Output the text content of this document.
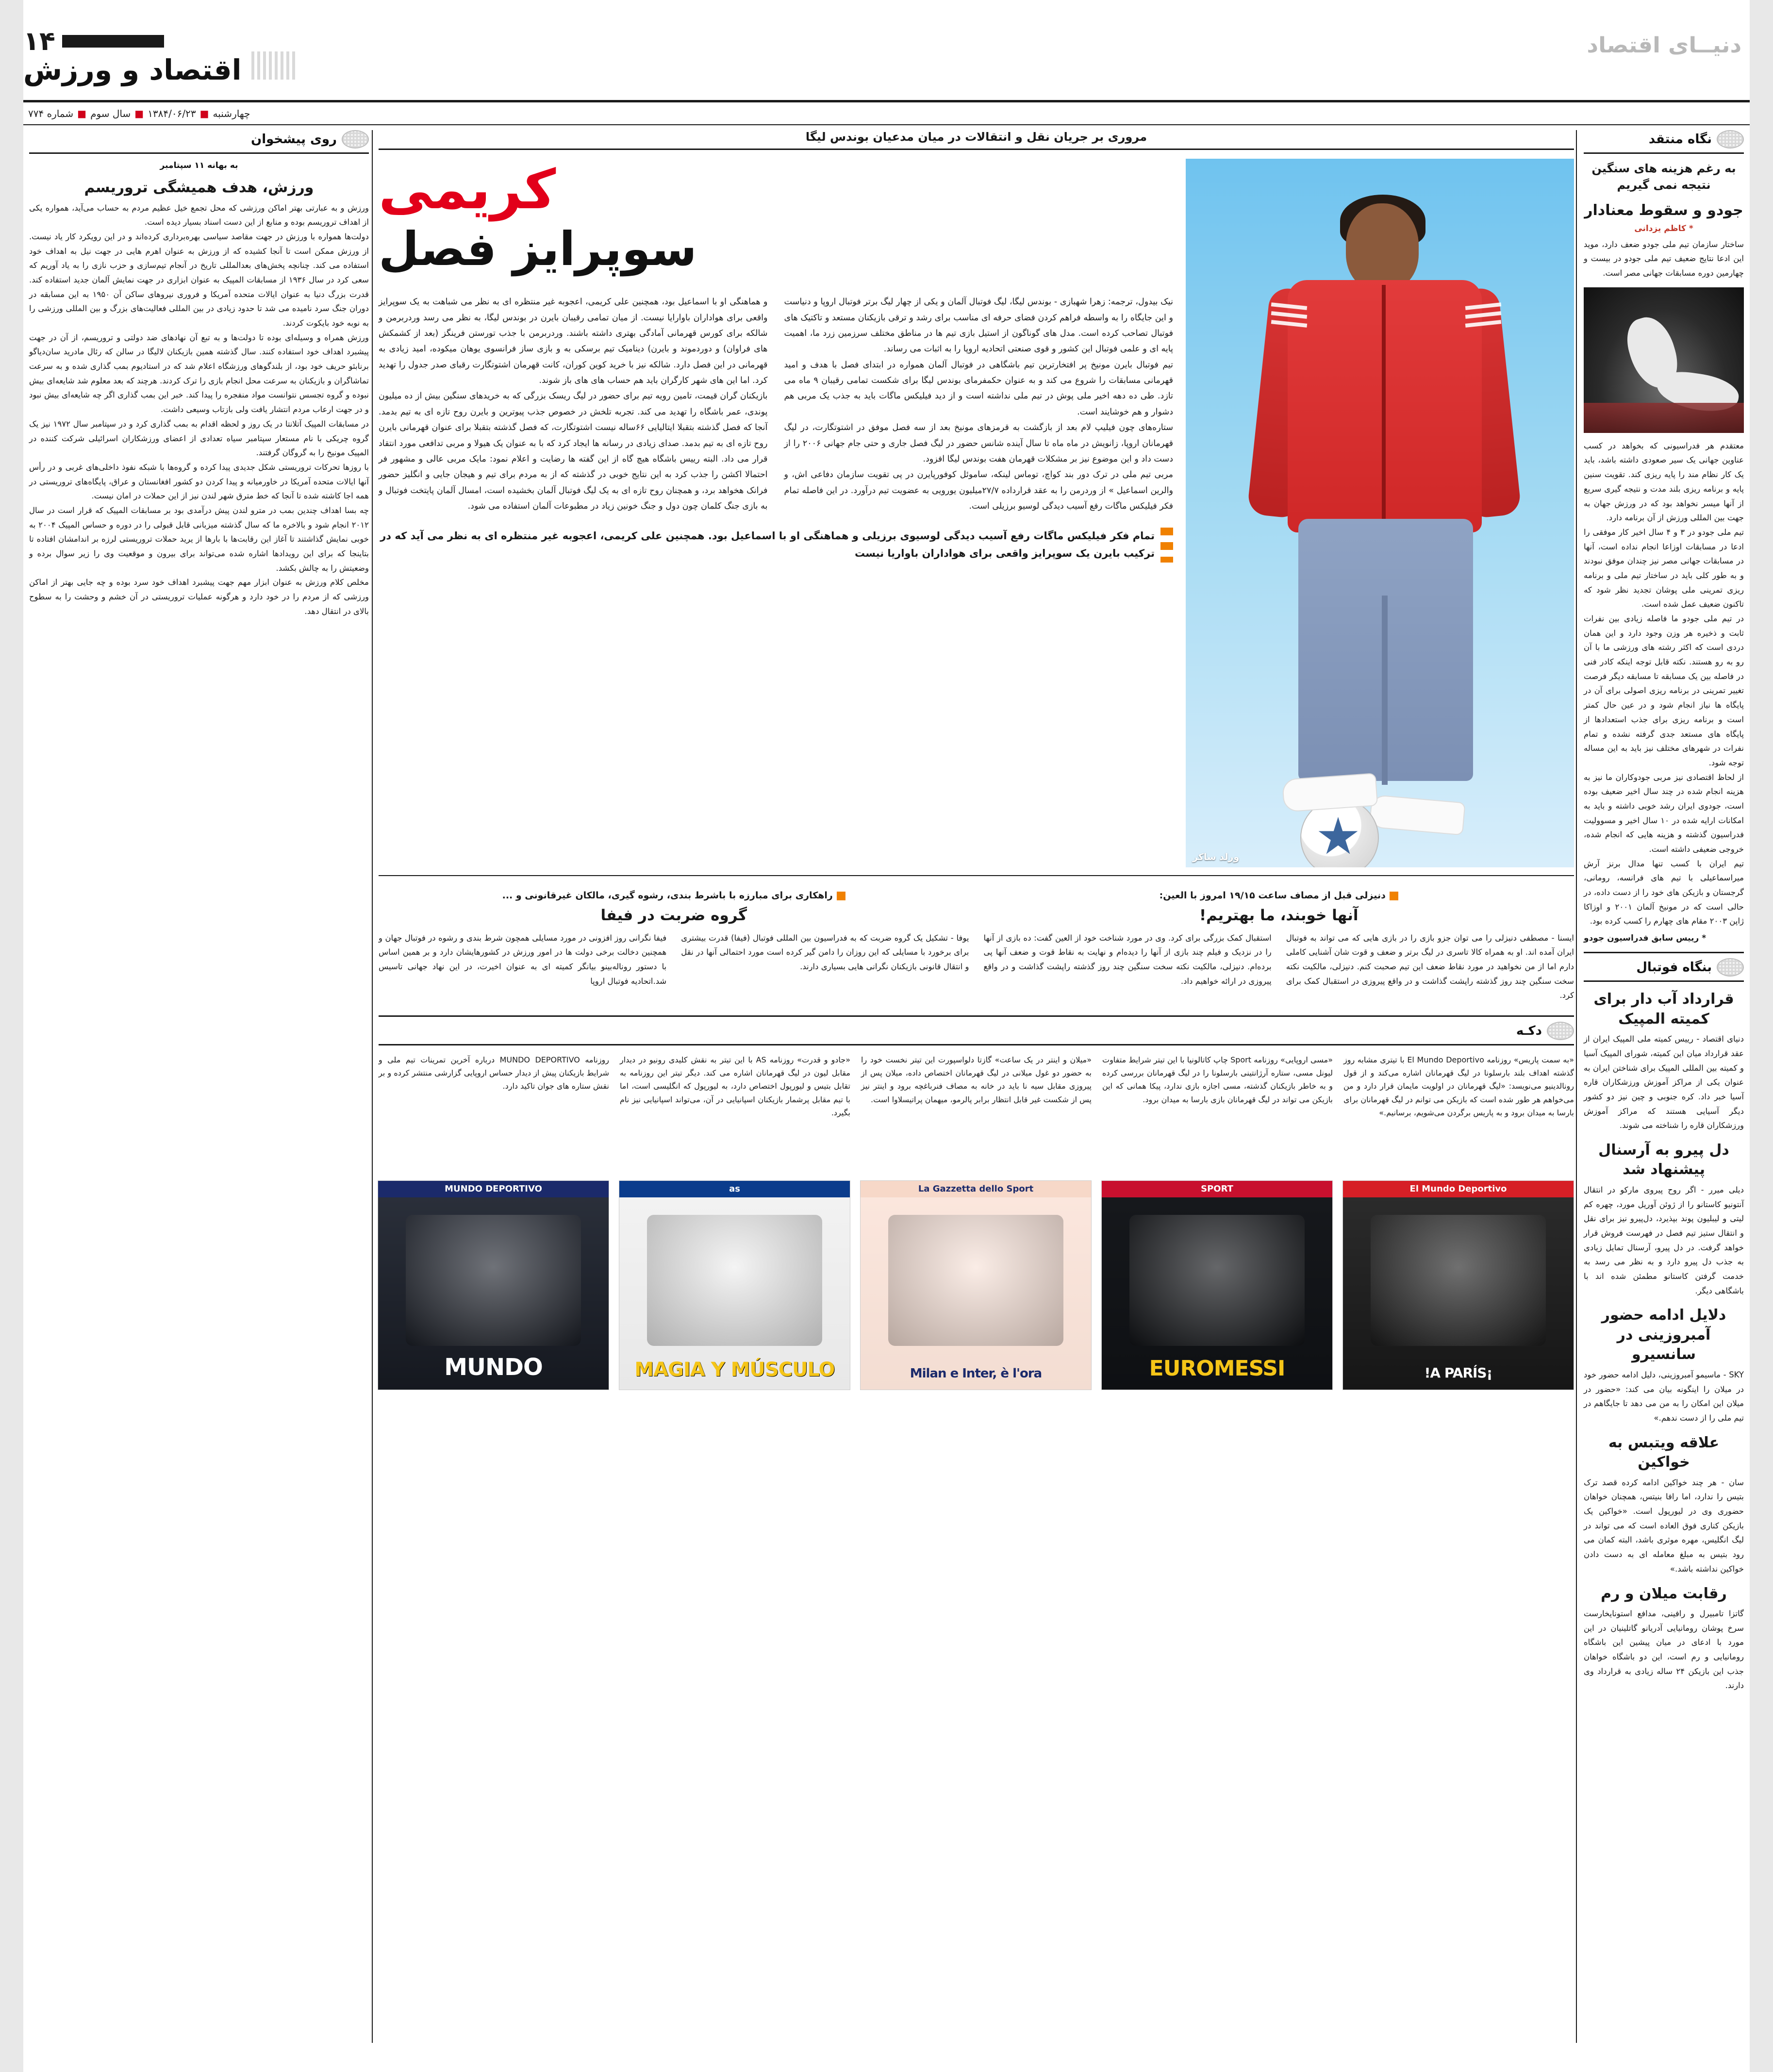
دنیــای اقتصاد
۱۴
اقتصاد و ورزش
چهارشنبه■۱۳۸۴/۰۶/۲۳■سال سوم■شماره ۷۷۴
نگاه منتقد
به رغم هزینه های سنگین نتیجه نمی گیریم
جودو و سقوط معنادار
* کاظم یزدانی
ساختار سازمان تیم ملی جودو ضعف دارد، موید این ادعا نتایج ضعیف تیم ملی جودو در بیست و چهارمین دوره مسابقات جهانی مصر است.
معتقدم هر فدراسیونی که بخواهد در کسب عناوین جهانی یک سیر صعودی داشته باشد، باید یک کار نظام مند را پایه ریزی کند. تقویت سنین پایه و برنامه ریزی بلند مدت و نتیجه گیری سریع از آنها میسر نخواهد بود که در ورزش جهان به جهت بین المللی ورزش از آن برنامه دارد.
تیم ملی جودو در ۳ و ۴ سال اخیر کار موفقی را ادعا در مسابقات اوزاعا انجام نداده است، آنها در مسابقات جهانی مصر نیز چندان موفق نبودند و به طور کلی باید در ساختار تیم ملی و برنامه ریزی تمرینی ملی پوشان تجدید نظر شود که تاکنون ضعیف عمل شده است.
در تیم ملی جودو ما فاصله زیادی بین نفرات ثابت و ذخیره هر وزن وجود دارد و این همان دردی است که اکثر رشته های ورزشی ما با آن رو به رو هستند. نکته قابل توجه اینکه کادر فنی در فاصله بین یک مسابقه تا مسابقه دیگر فرصت تغییر تمرینی در برنامه ریزی اصولی برای آن در پایگاه ها نیاز انجام شود و در عین حال کمتر است و برنامه ریزی برای جذب استعدادها از پایگاه های مستعد جدی گرفته نشده و تمام نفرات در شهرهای مختلف نیز باید به این مساله توجه شود.
از لحاظ اقتصادی نیز مربی جودوکاران ما نیز به هزینه انجام شده در چند سال اخیر ضعیف بوده است، جودوی ایران رشد خوبی داشته و باید به امکانات ارایه شده در ۱۰ سال اخیر و مسوولیت فدراسیون گذشته و هزینه هایی که انجام شده، خروجی ضعیفی داشته است.
تیم ایران با کسب تنها مدال برنز آرش میراسماعیلی با تیم های فرانسه، رومانی، گرجستان و بازیکن های خود را از دست داده، در حالی است که در مونیخ آلمان ۲۰۰۱ و اوزاکا ژاپن ۲۰۰۳ مقام های چهارم را کسب کرده بود.
* رییس سابق فدراسیون جودو
بنگاه فوتبال
قرارداد آب دار برای کمیته المپیک
دنیای اقتصاد - رییس کمیته ملی المپیک ایران از عقد قرارداد میان این کمیته، شورای المپیک آسیا و کمیته بین المللی المپیک برای شناختن ایران به عنوان یکی از مراکز آموزش ورزشکاران قاره آسیا خبر داد. کره جنوبی و چین نیز دو کشور دیگر آسیایی هستند که مراکز آموزش ورزشکاران قاره را شناخته می شوند.
دل پیرو به آرسنال پیشنهاد شد
دیلی میرر - اگر روح پیروی مارکو در انتقال آنتونیو کاستانو را از ژوئن آوریل مورد، چهره کم لیتی و لیبلیون پوند بپذیرد، دل‌پیرو نیز برای نقل و انتقال ستیز تیم فصل در فهرست فروش قرار خواهد گرفت. در دل پیرو، آرسنال تمایل زیادی به جذب دل پیرو دارد و به نظر می رسد به خدمت گرفتن کاستانو مطمئن شده اند با باشگاهی دیگر.
دلایل ادامه حضور آمبروزینی در سانسیرو
SKY - ماسیمو آمبروزینی، دلیل ادامه حضور خود در میلان را اینگونه بیان می کند: «حضور در میلان این امکان را به من می دهد تا جایگاهم در تیم ملی را از دست ندهم.»
علاقه ویتبس به خواکین
سان - هر چند خواکین ادامه کرده قصد ترک بتیس را ندارد، اما رافا بنیتس، همچنان خواهان حضوری وی در لیورپول است. «خواکین یک بازیکن کناری فوق العاده است که می تواند در لیگ انگلیس، مهره موثری باشد، البته کمان می رود بتیس به مبلغ معامله ای به دست دادن خواکین نداشته باشد.»
رقابت میلان و رم
گاتزا تامبیرل و رافینی، مدافع استونایخارست سرخ پوشان رومانیایی آدریانو گاتلینیان در این مورد با ادعای در میان پیشین این باشگاه رومانیایی و رم است، این دو باشگاه خواهان جذب این بازیکن ۲۴ ساله زیادی به قرارداد وی دارند.
مروری بر جریان نقل و انتقالات در میان مدعیان بوندس لیگا
ورلد ساکر
کریمی
سوپرایز فصل
نیک بیدول، ترجمه: زهرا شهبازی - بوندس لیگا، لیگ فوتبال آلمان و یکی از چهار لیگ برتر فوتبال اروپا و دنیاست و این جایگاه را به واسطه فراهم کردن فضای حرفه ای مناسب برای رشد و ترقی بازیکنان مستعد و تاکتیک های فوتبال تصاحب کرده است. مدل های گوناگون از استیل بازی تیم ها در مناطق مختلف سرزمین زرد ما، اهمیت پایه ای و علمی فوتبال این کشور و قوی صنعتی اتحادیه اروپا را به اثبات می رساند.
تیم فوتبال بایرن مونیخ پر افتخارترین تیم باشگاهی در فوتبال آلمان همواره در ابتدای فصل با هدف و امید قهرمانی مسابقات را شروع می کند و به عنوان حکمفرمای بوندس لیگا برای شکست تمامی رقیبان ۹ ماه می تازد. طی ده دهه اخیر ملی پوش در تیم ملی نداشته است و از دید فیلیکس ماگات باید به جذب یک مربی هم دشوار و هم خوشایند است.
ستاره‌های چون فیلیپ لام بعد از بازگشت به قرمزهای مونیخ بعد از سه فصل موفق در اشتوتگارت، در لیگ قهرمانان اروپا، زانویش در ماه ماه تا سال آینده شانس حضور در لیگ فصل جاری و حتی جام جهانی ۲۰۰۶ را از دست داد و این موضوع نیز بر مشکلات قهرمان هفت بوندس لیگا افزود.
مربی تیم ملی در ترک دور بند کواچ، توماس لینکه، ساموئل کوفورپایرن در پی تقویت سازمان دفاعی اش، و والرین اسماعیل » از وردرمن را به عقد قرارداده ۲۷/۷میلیون یورویی به عضویت تیم درآورد. در این فاصله تمام فکر فیلیکس ماگات رفع آسیب دیدگی لوسیو برزیلی است.
و هماهنگی او با اسماعیل بود، همچنین علی کریمی، اعجوبه غیر منتظره ای به نظر می شباهت به یک سوپرایز واقعی برای هواداران باوارایا نیست. از میان تمامی رقیبان بایرن در بوندس لیگا، به نظر می رسد وردربرمن و شالکه برای کورس قهرمانی آمادگی بهتری داشته باشند. وردربرمن با جذب تورستن فرینگز (بعد از کشمکش های فراوان) و دوردموند و بایرن) دینامیک تیم برسکی به و بازی ساز فرانسوی یوهان میکوده، امید زیادی به قهرمانی در این فصل دارد. شالکه نیز با خرید کوین کوران، کانت قهرمان اشتوتگارت رقبای صدر جدول را تهدید کرد. اما این های شهر کارگران باید هم حساب های های باز شوند.
بازیکنان گران قیمت، تامین رویه تیم برای حضور در لیگ ریسک بزرگی که به خریدهای سنگین بیش از ده میلیون پوندی، عمر باشگاه را تهدید می کند. تجربه تلخش در خصوص جذب پیوترین و بایرن روح تازه ای به تیم بدمد. آنجا که فصل گذشته بتقبلا ایتالیایی ۶۶ساله نیست اشتوتگارت، که فصل گذشته بتقبلا برای عنوان قهرمانی بایرن روح تازه ای به تیم بدمد. صدای زیادی در رسانه ها ایجاد کرد که با به عنوان یک هیولا و مربی تدافعی مورد انتقاد قرار می داد. البته رییس باشگاه هیچ گاه از این گفته ها رضایت و اعلام نمود: مایک مربی عالی و مشهور فر احتمالا اکشن را جذب کرد به این نتایج خوبی در گذشته که از به مردم برای تیم و هیجان جایی و انگلیز حضور فرانک هخواهد برد، و همچنان روح تازه ای به یک لیگ فوتبال آلمان بخشیده است، امسال آلمان پایتخت فوتبال و به بازی جنگ کلمان چون دول و جنگ خونین زیاد در مطبوعات آلمان استفاده می شود.
تمام فکر فیلیکس ماگات رفع آسیب دیدگی لوسیوی برزیلی و هماهنگی او با اسماعیل بود. همچنین علی کریمی، اعجوبه غیر منتظره ای به نظر می آید که در ترکیب بایرن یک سوپرایز واقعی برای هواداران باواریا نیست
دنیزلی قبل از مصاف ساعت ۱۹/۱۵ امروز با العین:
آنها خوبند، ما بهتریم!
ایسنا - مصطفی دنیزلی را می توان جزو بازی را در بازی هایی که می تواند به فوتبال ایران آمده اند. او به همراه کالا تاسری در لیگ برتر و ضعف و قوت شان آشنایی کاملی دارم اما از من نخواهید در مورد نقاط ضعف این تیم صحبت کنم. دنیزلی، مالکیت نکته سخت سنگین چند روز گذشته راپشت گذاشت و در واقع پیروزی در استقبال کمک برای کرد.
استقبال کمک بزرگی برای کرد. وی در مورد شناخت خود از العین گفت: ده بازی از آنها را در نزدیک و فیلم چند بازی از آنها را دیده‌ام و نهایت به نقاط قوت و ضعف آنها پی برده‌ام. دنیزلی، مالکیت نکته سخت سنگین چند روز گذشته راپشت گذاشت و در واقع پیروزی در ارائه خواهیم داد.
راهکاری برای مبارزه با باشرط بندی، رشوه گیری، مالکان غیرقانونی و ...
گروه ضربت در فیفا
یوفا - تشکیل یک گروه ضربت که به فدراسیون بین المللی فوتبال (فیفا) قدرت بیشتری برای برخورد با مسایلی که این روزان را دامن گیر کرده است مورد احتمالی آنها در نقل و انتقال قانونی بازیکنان نگرانی هایی بسیاری دارند.
فیفا نگرانی روز افزونی در مورد مسایلی همچون شرط بندی و رشوه در فوتبال جهان و همچنین دخالت برخی دولت ها در امور ورزش در کشورهایشان دارد و بر همین اساس با دستور روناله‌بینو بیانگر کمیته ای به عنوان اخیرت، در این نهاد جهانی تاسیس شد.اتحادیه فوتبال اروپا
دکـه
«به سمت پاریس» روزنامه El Mundo Deportivo با تیتری مشابه روز گذشته اهداف بلند بارسلونا در لیگ قهرمانان اشاره می‌کند و از قول رونالدینیو می‌نویسد: «لیگ قهرمانان در اولویت مایمان قرار دارد و من می‌خواهم هر طور شده است که بازیکن می توانم در لیگ قهرمانان برای بارسا به میدان برود و به پاریس برگردن می‌شویم، برسانیم.»
El Mundo Deportivo
¡A PARÍS!
«مسی اروپایی» روزنامه Sport چاپ کاتالونیا با این تیتر شرایط متفاوت لیونل مسی، ستاره آرژانتینی بارسلونا را در لیگ قهرمانان بررسی کرده و به خاطر بازیکنان گذشته، مسی اجازه بازی ندارد، پیکا همانی که این بازیکن می تواند در لیگ قهرمانان بازی بارسا به میدان برود.
SPORT
EUROMESSI
«میلان و اینتر در یک ساعت» گازتا دلواسپورت این تیتر نخست خود را به حضور دو غول میلانی در لیگ قهرمانان اختصاص داده، میلان پس از پیروزی مقابل سیه نا باید در خانه به مصاف فنرباغچه برود و اینتر نیز پس از شکست غیر قابل انتظار برابر پالرمو، میهمان پراتیسلاوا است.
La Gazzetta dello Sport
Milan e Inter, è l'ora
«جادو و قدرت» روزنامه AS با این تیتر به نقش کلیدی رونیو در دیدار مقابل لیون در لیگ قهرمانان اشاره می کند. دیگر تیتر این روزنامه به تقابل بتیس و لیورپول اختصاص دارد، به لیورپول که انگلیسی است، اما با تیم مقابل پرشمار بازیکنان اسپانیایی در آن، می‌تواند اسپانیایی نیز نام بگیرد.
as
MAGIA Y MÚSCULO
روزنامه MUNDO DEPORTIVO درباره آخرین تمرینات تیم ملی و شرایط بازیکنان پیش از دیدار حساس اروپایی گزارشی منتشر کرده و بر نقش ستاره های جوان تاکید دارد.
MUNDO DEPORTIVO
MUNDO
روی پیشخوان
به بهانه ۱۱ سپتامبر
ورزش، هدف همیشگی تروریسم
ورزش و به عبارتی بهتر اماکن ورزشی که محل تجمع خیل عظیم مردم به حساب می‌آید، همواره یکی از اهداف تروریسم بوده و منابع از این دست اسناد بسیار دیده است.
دولت‌ها همواره با ورزش در جهت مقاصد سیاسی بهره‌برداری کرده‌اند و در این رویکرد کار یاد نیست. از ورزش ممکن است تا آنجا کشیده که از ورزش به عنوان اهرم هایی در جهت نیل به اهداف خود استفاده می کند. چنانچه پخش‌های بعدالمللی تاریخ در آنجام تیم‌سازی و حزب نازی را به یاد آوریم که سعی کرد در سال ۱۹۳۶ از مسابقات المپیک به عنوان ابزاری در جهت نمایش آلمان جدید استفاده کند. قدرت بزرگ دنیا به عنوان ایالات متحده آمریکا و فروری نیروهای ساکن آن ۱۹۵۰ به این مسابقه در دوران جنگ سرد نامیده می شد تا حدود زیادی در بین المللی فعالیت‌های بزرگ و بین المللی ورزشی را به نوبه خود بایکوت کردند.
ورزش همراه و وسیله‌ای بوده تا دولت‌ها و به تبع آن نهادهای ضد دولتی و تروریسم، از آن در جهت پیشبرد اهداف خود استفاده کنند. سال گذشته همین بازیکنان لالیگا در سالن که رئال مادرید سان‌دیاگو برنابئو حریف خود بود، از بلندگوهای ورزشگاه اعلام شد که در استادیوم بمب گذاری شده و به سرعت تماشاگران و بازیکنان به سرعت محل انجام بازی را ترک کردند. هرچند که بعد معلوم شد شایعه‌ای بیش نبوده و گروه تجسس نتوانست مواد منفجره را پیدا کند. خبر این بمب گذاری اگر چه شایعه‌ای بیش نبود و در جهت ارعاب مردم انتشار یافت ولی بازتاب وسیعی داشت.
در مسابقات المپیک آتلانتا در یک روز و لحظه اقدام به بمب گذاری کرد و در سپتامبر سال ۱۹۷۲ نیز یک گروه چریکی با نام مستعار سپتامبر سیاه تعدادی از اعضای ورزشکاران اسرائیلی شرکت کننده در المپیک مونیخ را به گروگان گرفتند.
با روزها تحرکات تروریستی شکل جدیدی پیدا کرده و گروه‌ها با شبکه نفوذ داخلی‌های غربی و در رأس آنها ایالات متحده آمریکا در خاورمیانه و پیدا کردن دو کشور افغانستان و عراق، پایگاه‌های تروریستی در همه اجا کاشته شده تا آنجا که خط مترق شهر لندن نیز از این حملات در امان نیست.
چه بسا اهداف چندین بمب در مترو لندن پیش درآمدی بود بر مسابقات المپیک که قرار است در سال ۲۰۱۲ انجام شود و بالاخره ما که سال گذشته میزبانی قابل قبولی را در دوره و حساس المپیک ۲۰۰۴ به خوبی نمایش گذاشتند تا آغاز این رقابت‌ها با بارها از یرید حملات تروریستی لرزه بر اندامشان افتاده تا بتاینجا که برای این رویدادها اشاره شده می‌تواند برای بیرون و موقعیت وی را زیر سوال برده و وضعیتش را به چالش بکشد.
مخلص کلام ورزش به عنوان ابزار مهم جهت پیشبرد اهداف خود سرد بوده و چه جایی بهتر از اماکن ورزشی که از مردم را در خود دارد و هرگونه عملیات تروریستی در آن خشم و وحشت را به سطوح بالای در انتقال دهد.
